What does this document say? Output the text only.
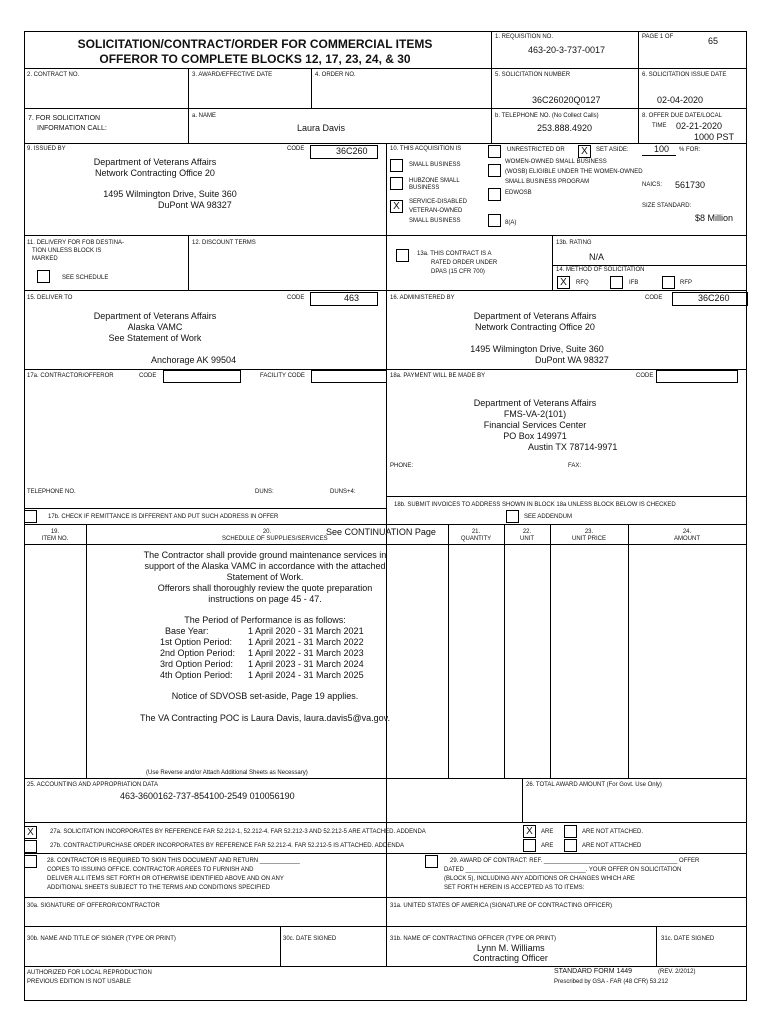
SOLICITATION/CONTRACT/ORDER FOR COMMERCIAL ITEMS
OFFEROR TO COMPLETE BLOCKS 12, 17, 23, 24, & 30
1. REQUISITION NO.
463-20-3-737-0017
PAGE 1 OF	65
2. CONTRACT NO.	3. AWARD/EFFECTIVE DATE	4. ORDER NO.	5. SOLICITATION NUMBER
36C26020Q0127
6. SOLICITATION ISSUE DATE
02-04-2020
7. FOR SOLICITATION
INFORMATION CALL:
a. NAME
Laura Davis
b. TELEPHONE NO. (No Collect Calls)
253.888.4920
8. OFFER DUE DATE/LOCAL
TIME 02-21-2020
1000 PST
9. ISSUED BY	CODE	36C260
Department of Veterans Affairs
Network Contracting Office 20
1495 Wilmington Drive, Suite 360
DuPont WA 98327
10. THIS ACQUISITION IS	UNRESTRICTED OR	X	SET ASIDE:	100 % FOR:
SMALL BUSINESS
HUBZONE SMALL
BUSINESS
X	SERVICE-DISABLED
VETERAN-OWNED
SMALL BUSINESS
WOMEN-OWNED SMALL BUSINESS
(WOSB) ELIGIBLE UNDER THE WOMEN-OWNED
SMALL BUSINESS PROGRAM
EDWOSB
8(A)
NAICS: 561730
SIZE STANDARD:
$8 Million
11. DELIVERY FOR FOB DESTINA-
TION UNLESS BLOCK IS
MARKED
SEE SCHEDULE
12. DISCOUNT TERMS
13a. THIS CONTRACT IS A
RATED ORDER UNDER
DPAS (15 CFR 700)
13b. RATING
N/A
14. METHOD OF SOLICITATION
X	RFQ	IFB	RFP
15. DELIVER TO	CODE	463
Department of Veterans Affairs
Alaska VAMC
See Statement of Work
Anchorage AK 99504
16. ADMINISTERED BY	CODE	36C260
Department of Veterans Affairs
Network Contracting Office 20
1495 Wilmington Drive, Suite 360
DuPont WA 98327
17a. CONTRACTOR/OFFEROR	CODE	FACILITY CODE
TELEPHONE NO.	DUNS:	DUNS+4:
17b. CHECK IF REMITTANCE IS DIFFERENT AND PUT SUCH ADDRESS IN OFFER
18a. PAYMENT WILL BE MADE BY	CODE
Department of Veterans Affairs
FMS-VA-2(101)
Financial Services Center
PO Box 149971
Austin TX 78714-9971
PHONE:	FAX:
18b. SUBMIT INVOICES TO ADDRESS SHOWN IN BLOCK 18a UNLESS BLOCK BELOW IS CHECKED
SEE ADDENDUM
19.
ITEM NO.
20.
SCHEDULE OF SUPPLIES/SERVICES
See CONTINUATION Page	21.
QUANTITY
22.
UNIT
23.
UNIT PRICE
24.
AMOUNT
The Contractor shall provide ground maintenance services in
support of the Alaska VAMC in accordance with the attached
Statement of Work.
Offerors shall thoroughly review the quote preparation
instructions on page 45 - 47.
The Period of Performance is as follows:
Base Year:	1 April 2020 - 31 March 2021
1st Option Period: 1 April 2021 - 31 March 2022
2nd Option Period: 1 April 2022 - 31 March 2023
3rd Option Period: 1 April 2023 - 31 March 2024
4th Option Period: 1 April 2024 - 31 March 2025
Notice of SDVOSB set-aside, Page 19 applies.
The VA Contracting POC is Laura Davis, laura.davis5@va.gov.
(Use Reverse and/or Attach Additional Sheets as Necessary)
25. ACCOUNTING AND APPROPRIATION DATA
463-3600162-737-854100-2549 010056190
26. TOTAL AWARD AMOUNT (For Govt. Use Only)
X	27a. SOLICITATION INCORPORATES BY REFERENCE FAR 52.212-1, 52.212-4. FAR 52.212-3 AND 52.212-5 ARE ATTACHED. ADDENDA	X	ARE	ARE NOT ATTACHED.
27b. CONTRACT/PURCHASE ORDER INCORPORATES BY REFERENCE FAR 52.212-4. FAR 52.212-5 IS ATTACHED. ADDENDA	ARE	ARE NOT ATTACHED
28. CONTRACTOR IS REQUIRED TO SIGN THIS DOCUMENT AND RETURN ____________
COPIES TO ISSUING OFFICE. CONTRACTOR AGREES TO FURNISH AND
DELIVER ALL ITEMS SET FORTH OR OTHERWISE IDENTIFIED ABOVE AND ON ANY
ADDITIONAL SHEETS SUBJECT TO THE TERMS AND CONDITIONS SPECIFIED
29. AWARD OF CONTRACT: REF. ________________________________________ OFFER
DATED ____________________________________. YOUR OFFER ON SOLICITATION
(BLOCK 5), INCLUDING ANY ADDITIONS OR CHANGES WHICH ARE
SET FORTH HEREIN IS ACCEPTED AS TO ITEMS:
30a. SIGNATURE OF OFFEROR/CONTRACTOR	31a. UNITED STATES OF AMERICA (SIGNATURE OF CONTRACTING OFFICER)
30b. NAME AND TITLE OF SIGNER (TYPE OR PRINT)	30c. DATE SIGNED	31b. NAME OF CONTRACTING OFFICER (TYPE OR PRINT)
Lynn M. Williams
Contracting Officer
31c. DATE SIGNED
AUTHORIZED FOR LOCAL REPRODUCTION
PREVIOUS EDITION IS NOT USABLE
STANDARD FORM 1449	(REV. 2/2012)
Prescribed by GSA - FAR (48 CFR) 53.212
